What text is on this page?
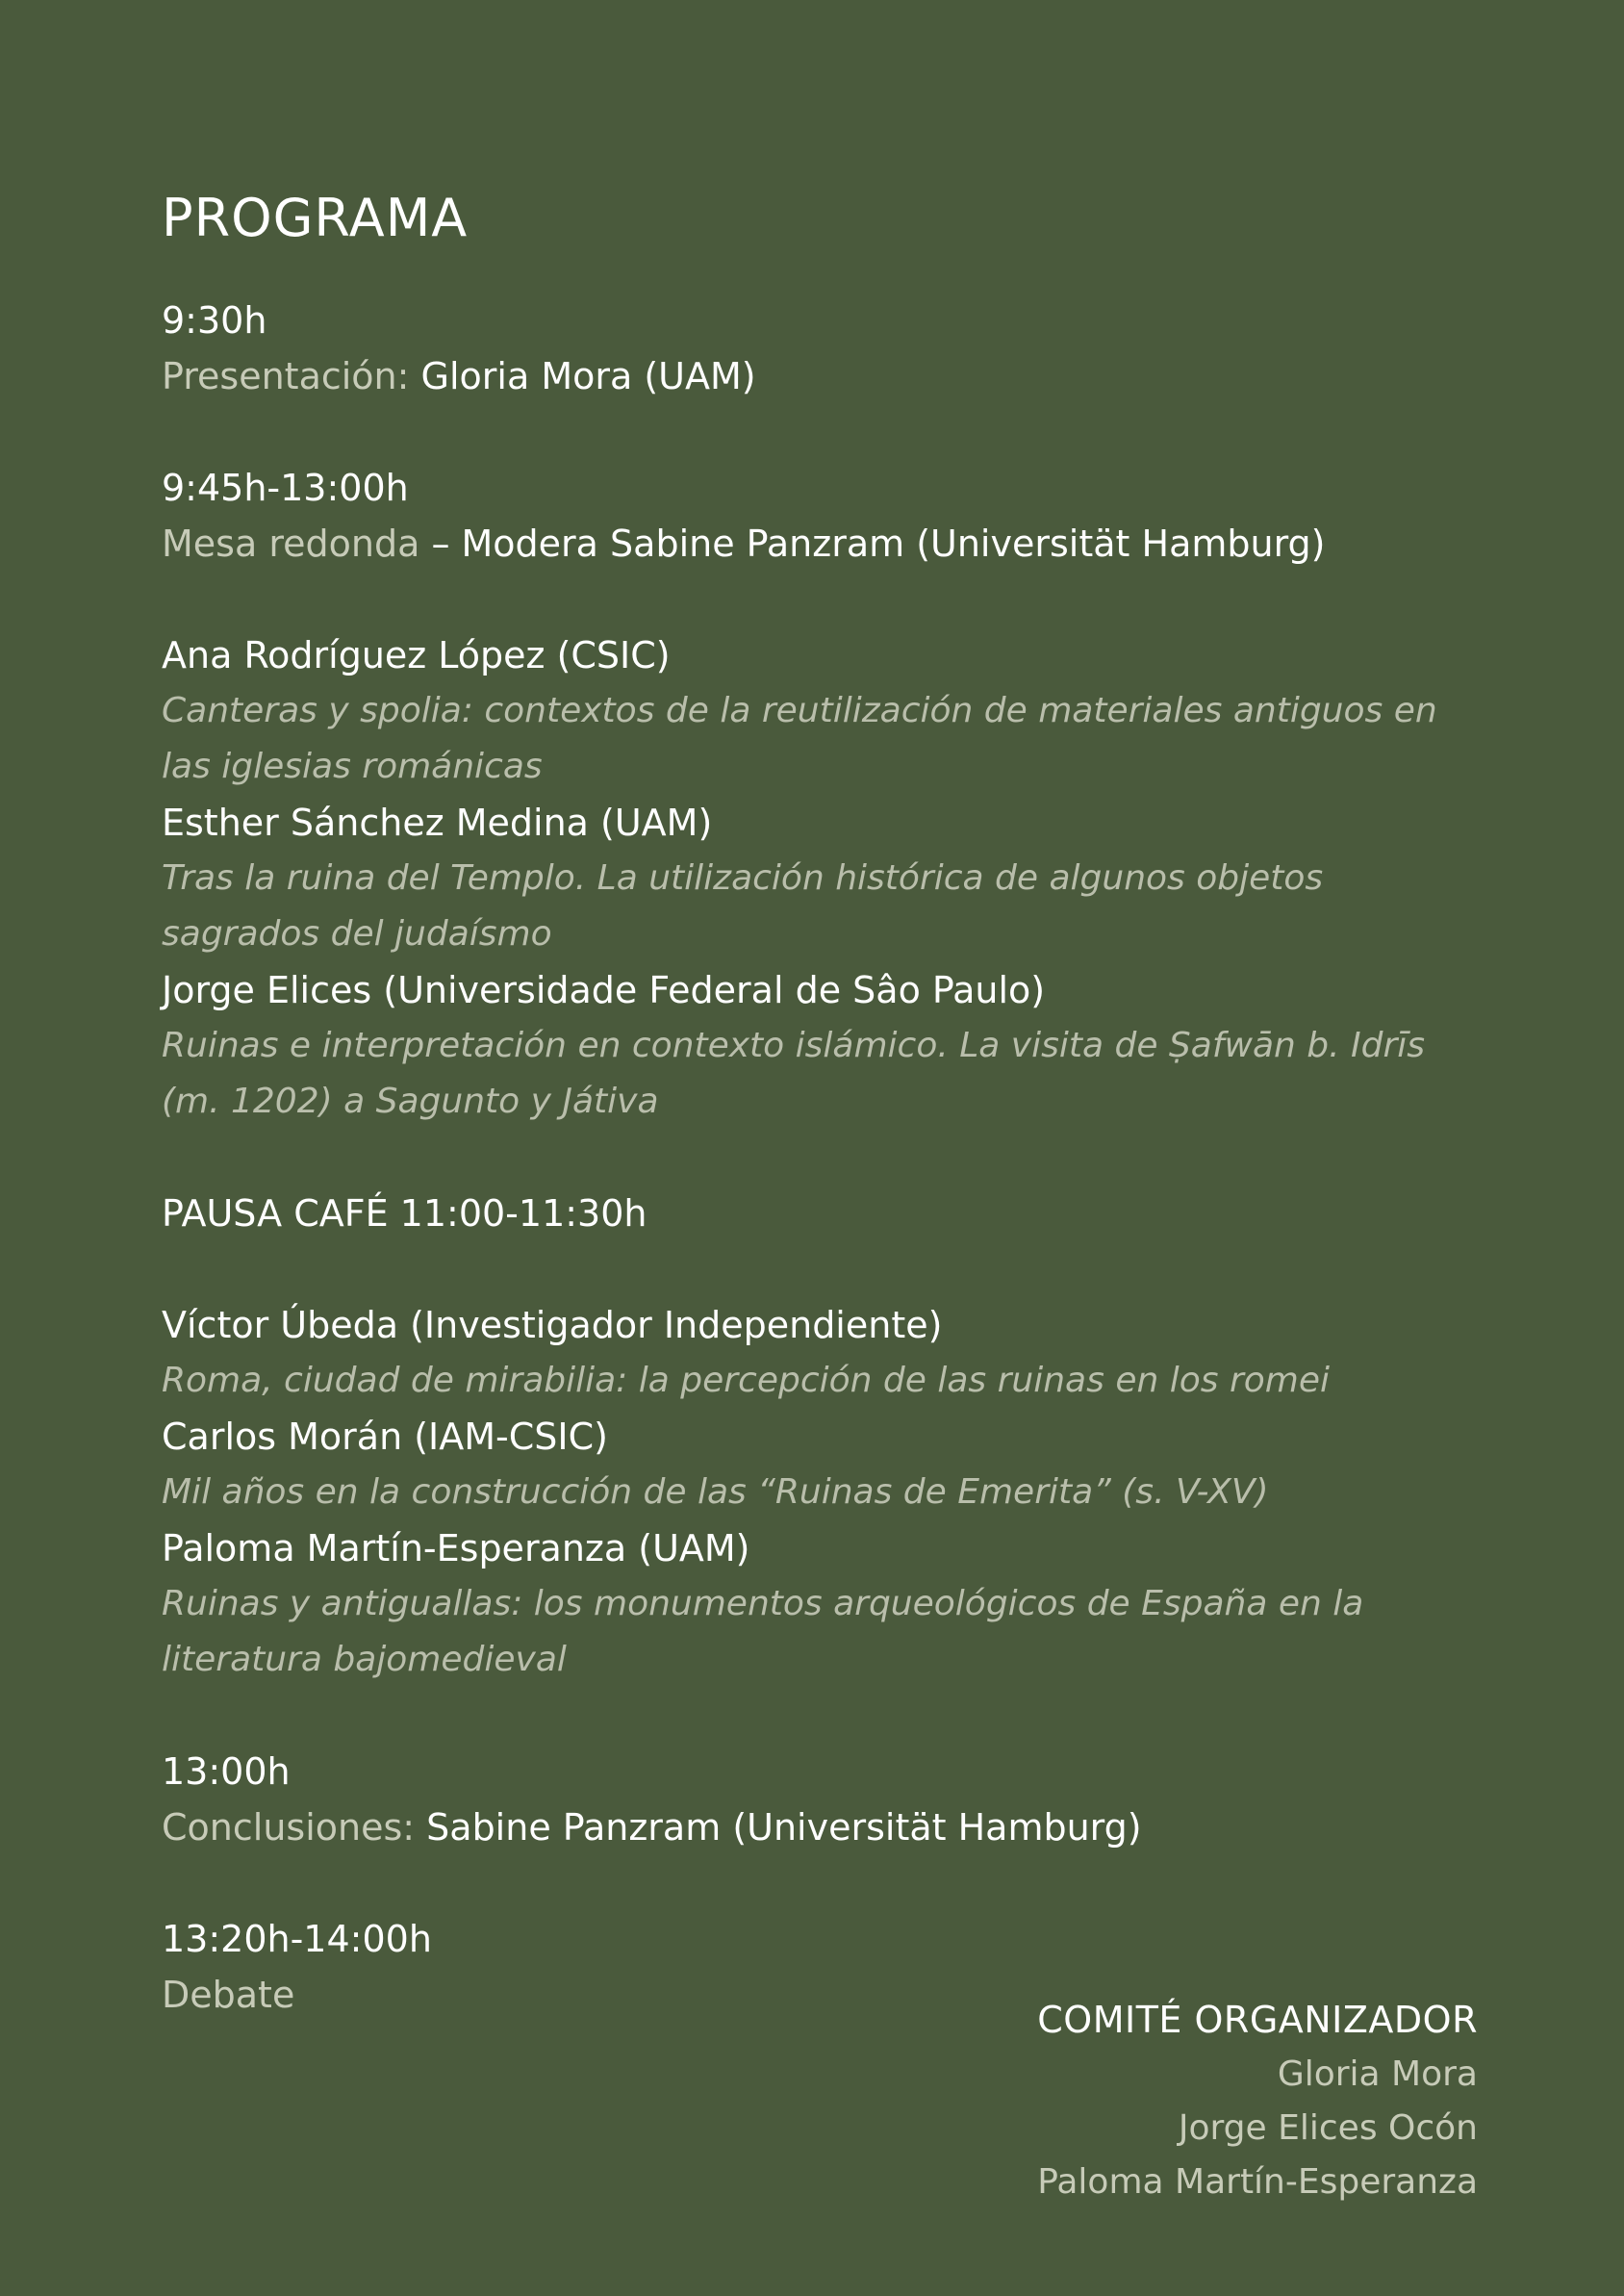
PROGRAMA
9:30h
Presentación: Gloria Mora (UAM)
9:45h-13:00h
Mesa redonda – Modera Sabine Panzram (Universität Hamburg)
Ana Rodríguez López (CSIC)
Canteras y spolia: contextos de la reutilización de materiales antiguos en las iglesias románicas
Esther Sánchez Medina (UAM)
Tras la ruina del Templo. La utilización histórica de algunos objetos sagrados del judaísmo
Jorge Elices (Universidade Federal de Sâo Paulo)
Ruinas e interpretación en contexto islámico. La visita de Ṣafwān b. Idrīs (m. 1202) a Sagunto y Játiva
PAUSA CAFÉ 11:00-11:30h
Víctor Úbeda (Investigador Independiente)
Roma, ciudad de mirabilia: la percepción de las ruinas en los romei
Carlos Morán (IAM-CSIC)
Mil años en la construcción de las “Ruinas de Emerita” (s. V-XV)
Paloma Martín-Esperanza (UAM)
Ruinas y antiguallas: los monumentos arqueológicos de España en la literatura bajomedieval
13:00h
Conclusiones: Sabine Panzram (Universität Hamburg)
13:20h-14:00h
Debate
COMITÉ ORGANIZADOR
Gloria Mora
Jorge Elices Ocón
Paloma Martín-Esperanza
